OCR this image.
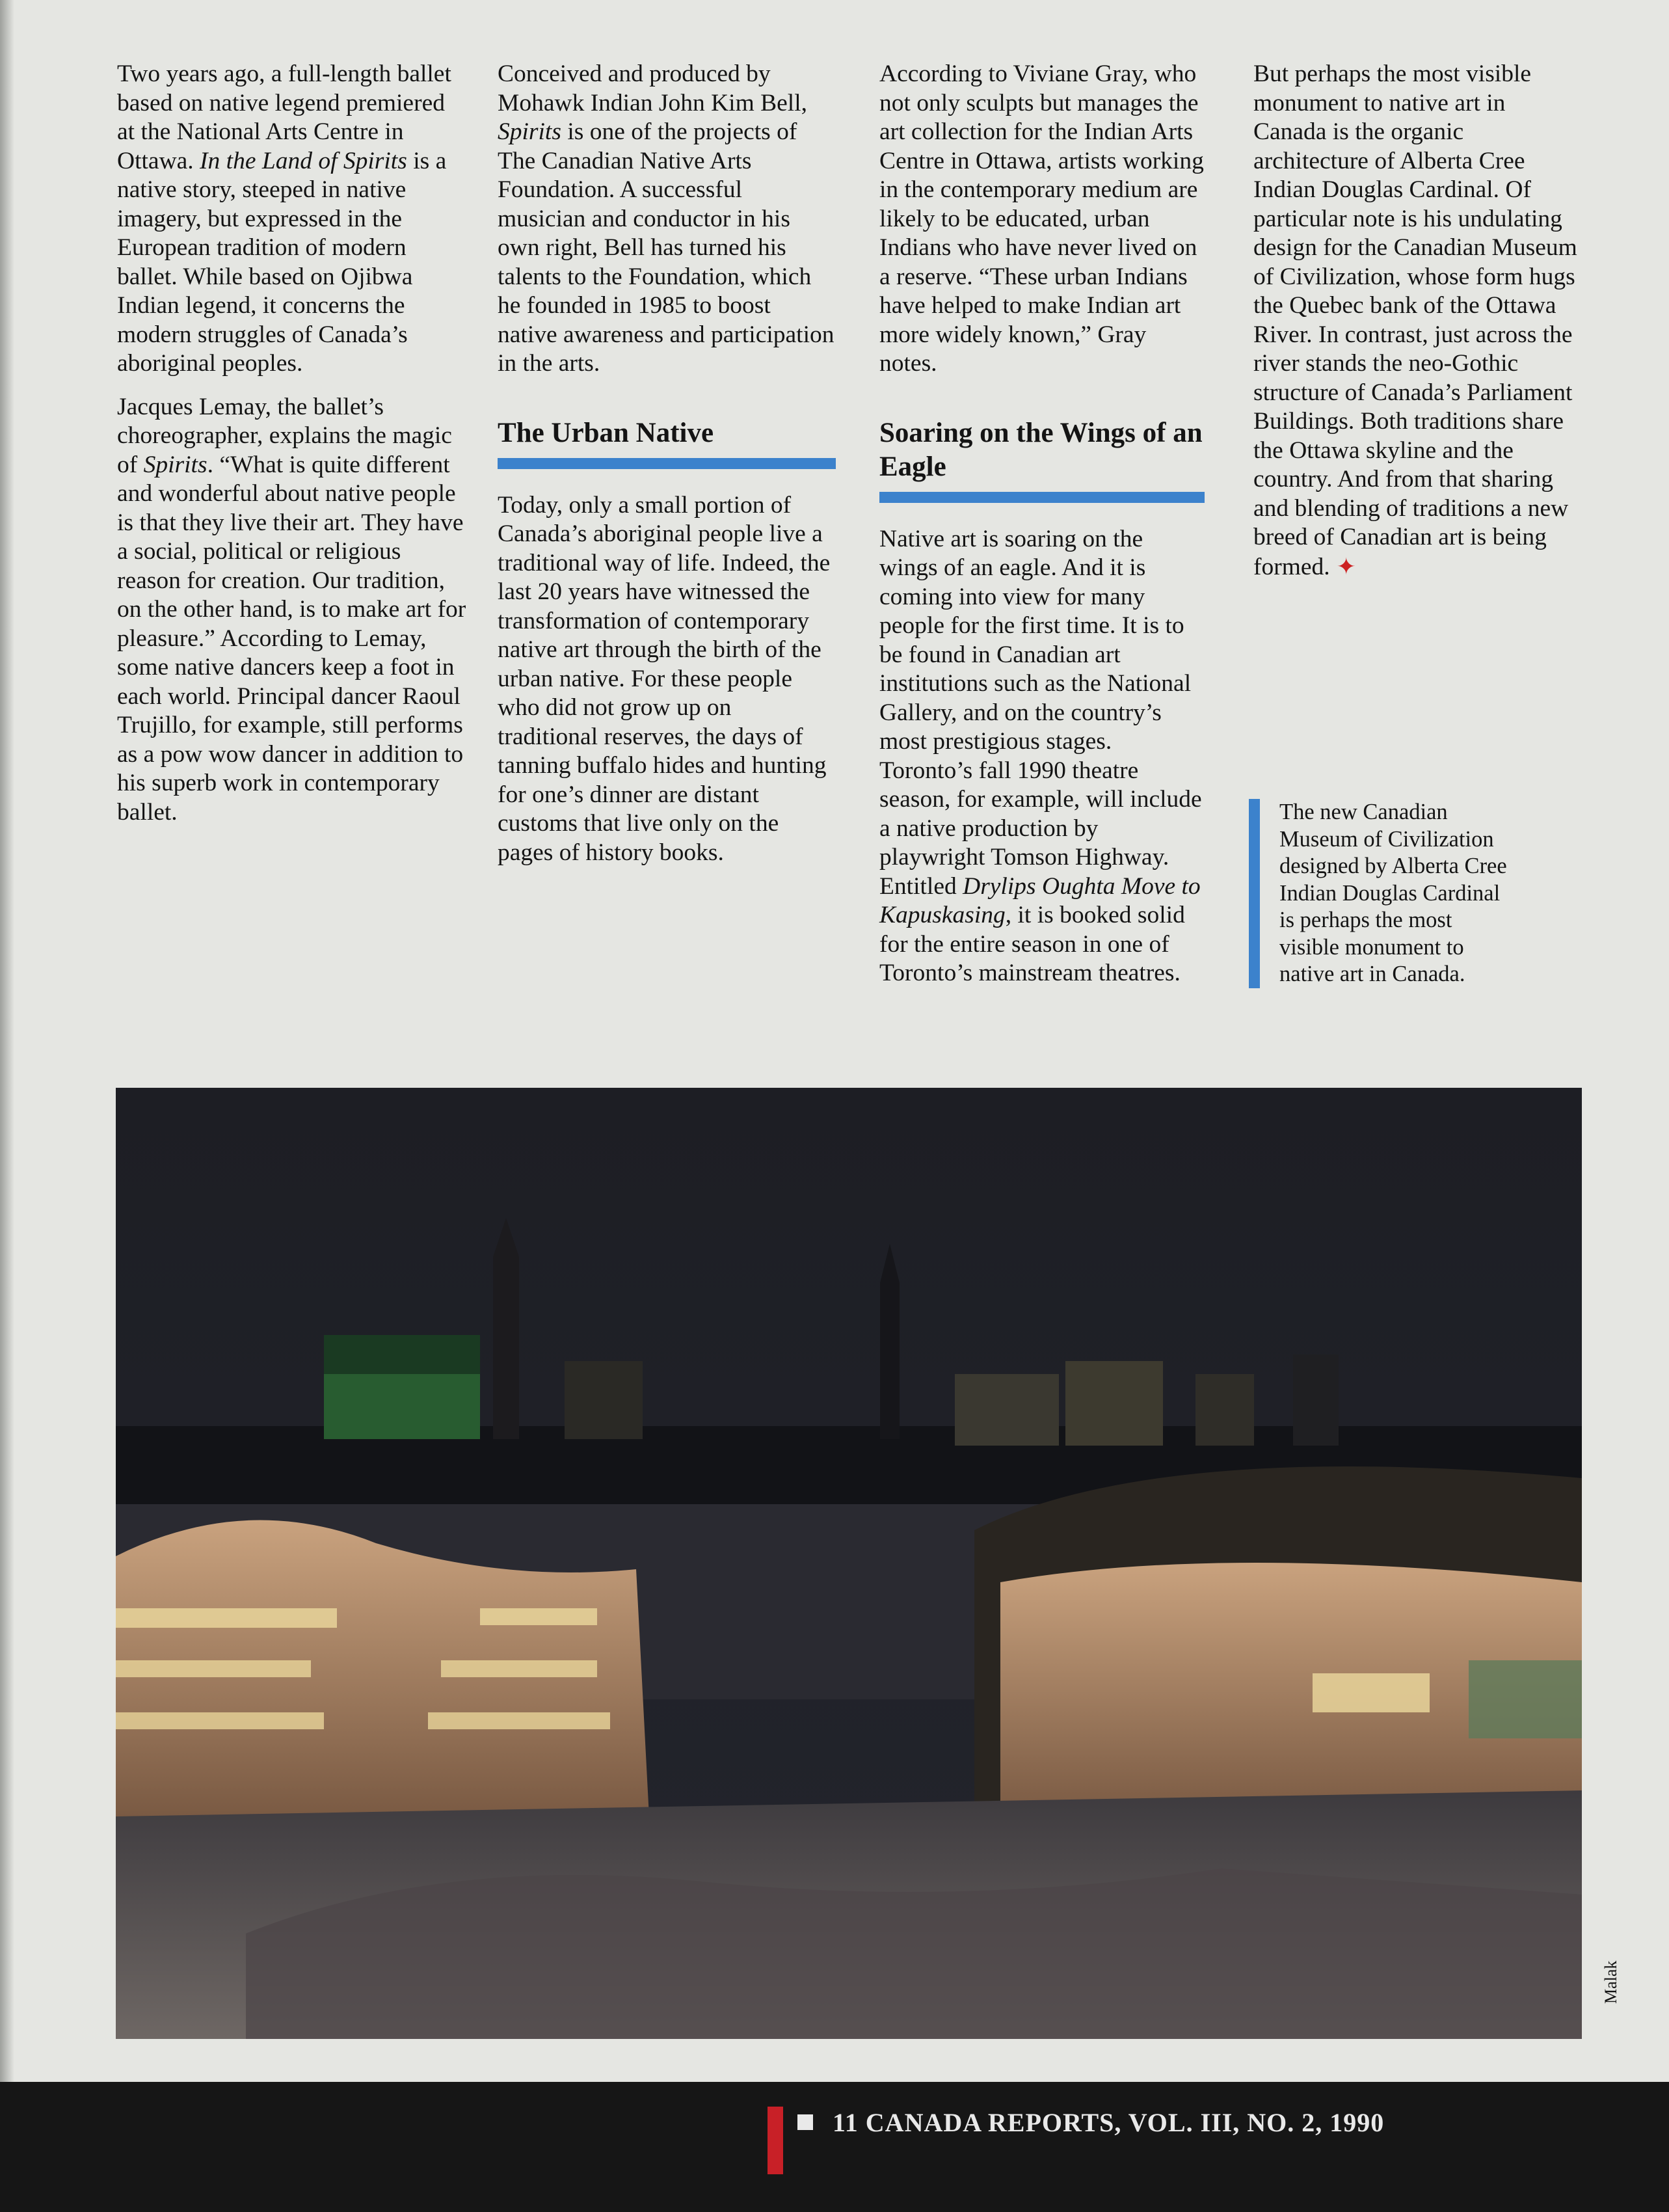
Two years ago, a full-length ballet based on native legend premiered at the National Arts Centre in Ottawa. In the Land of Spirits is a native story, steeped in native imagery, but expressed in the European tradition of modern ballet. While based on Ojibwa Indian legend, it concerns the modern struggles of Canada’s aboriginal peoples.

Jacques Lemay, the ballet’s choreographer, explains the magic of Spirits. “What is quite different and wonderful about native people is that they live their art. They have a social, political or religious reason for creation. Our tradition, on the other hand, is to make art for pleasure.” According to Lemay, some native dancers keep a foot in each world. Principal dancer Raoul Trujillo, for example, still performs as a pow wow dancer in addition to his superb work in contemporary ballet.

Conceived and produced by Mohawk Indian John Kim Bell, Spirits is one of the projects of The Canadian Native Arts Foundation. A successful musician and conductor in his own right, Bell has turned his talents to the Foundation, which he founded in 1985 to boost native awareness and participation in the arts.

The Urban Native

Today, only a small portion of Canada’s aboriginal people live a traditional way of life. Indeed, the last 20 years have witnessed the transformation of contemporary native art through the birth of the urban native. For these people who did not grow up on traditional reserves, the days of tanning buffalo hides and hunting for one’s dinner are distant customs that live only on the pages of history books.

According to Viviane Gray, who not only sculpts but manages the art collection for the Indian Arts Centre in Ottawa, artists working in the contemporary medium are likely to be educated, urban Indians who have never lived on a reserve. “These urban Indians have helped to make Indian art more widely known,” Gray notes.

Soaring on the Wings of an Eagle

Native art is soaring on the wings of an eagle. And it is coming into view for many people for the first time. It is to be found in Canadian art institutions such as the National Gallery, and on the country’s most prestigious stages. Toronto’s fall 1990 theatre season, for example, will include a native production by playwright Tomson Highway. Entitled Drylips Oughta Move to Kapuskasing, it is booked solid for the entire season in one of Toronto’s mainstream theatres.

But perhaps the most visible monument to native art in Canada is the organic architecture of Alberta Cree Indian Douglas Cardinal. Of particular note is his undulating design for the Canadian Museum of Civilization, whose form hugs the Quebec bank of the Ottawa River. In contrast, just across the river stands the neo-Gothic structure of Canada’s Parliament Buildings. Both traditions share the Ottawa skyline and the country. And from that sharing and blending of traditions a new breed of Canadian art is being formed. ✦

The new Canadian Museum of Civilization designed by Alberta Cree Indian Douglas Cardinal is perhaps the most visible monument to native art in Canada.
Malak
11 CANADA REPORTS, VOL. III, NO. 2, 1990
